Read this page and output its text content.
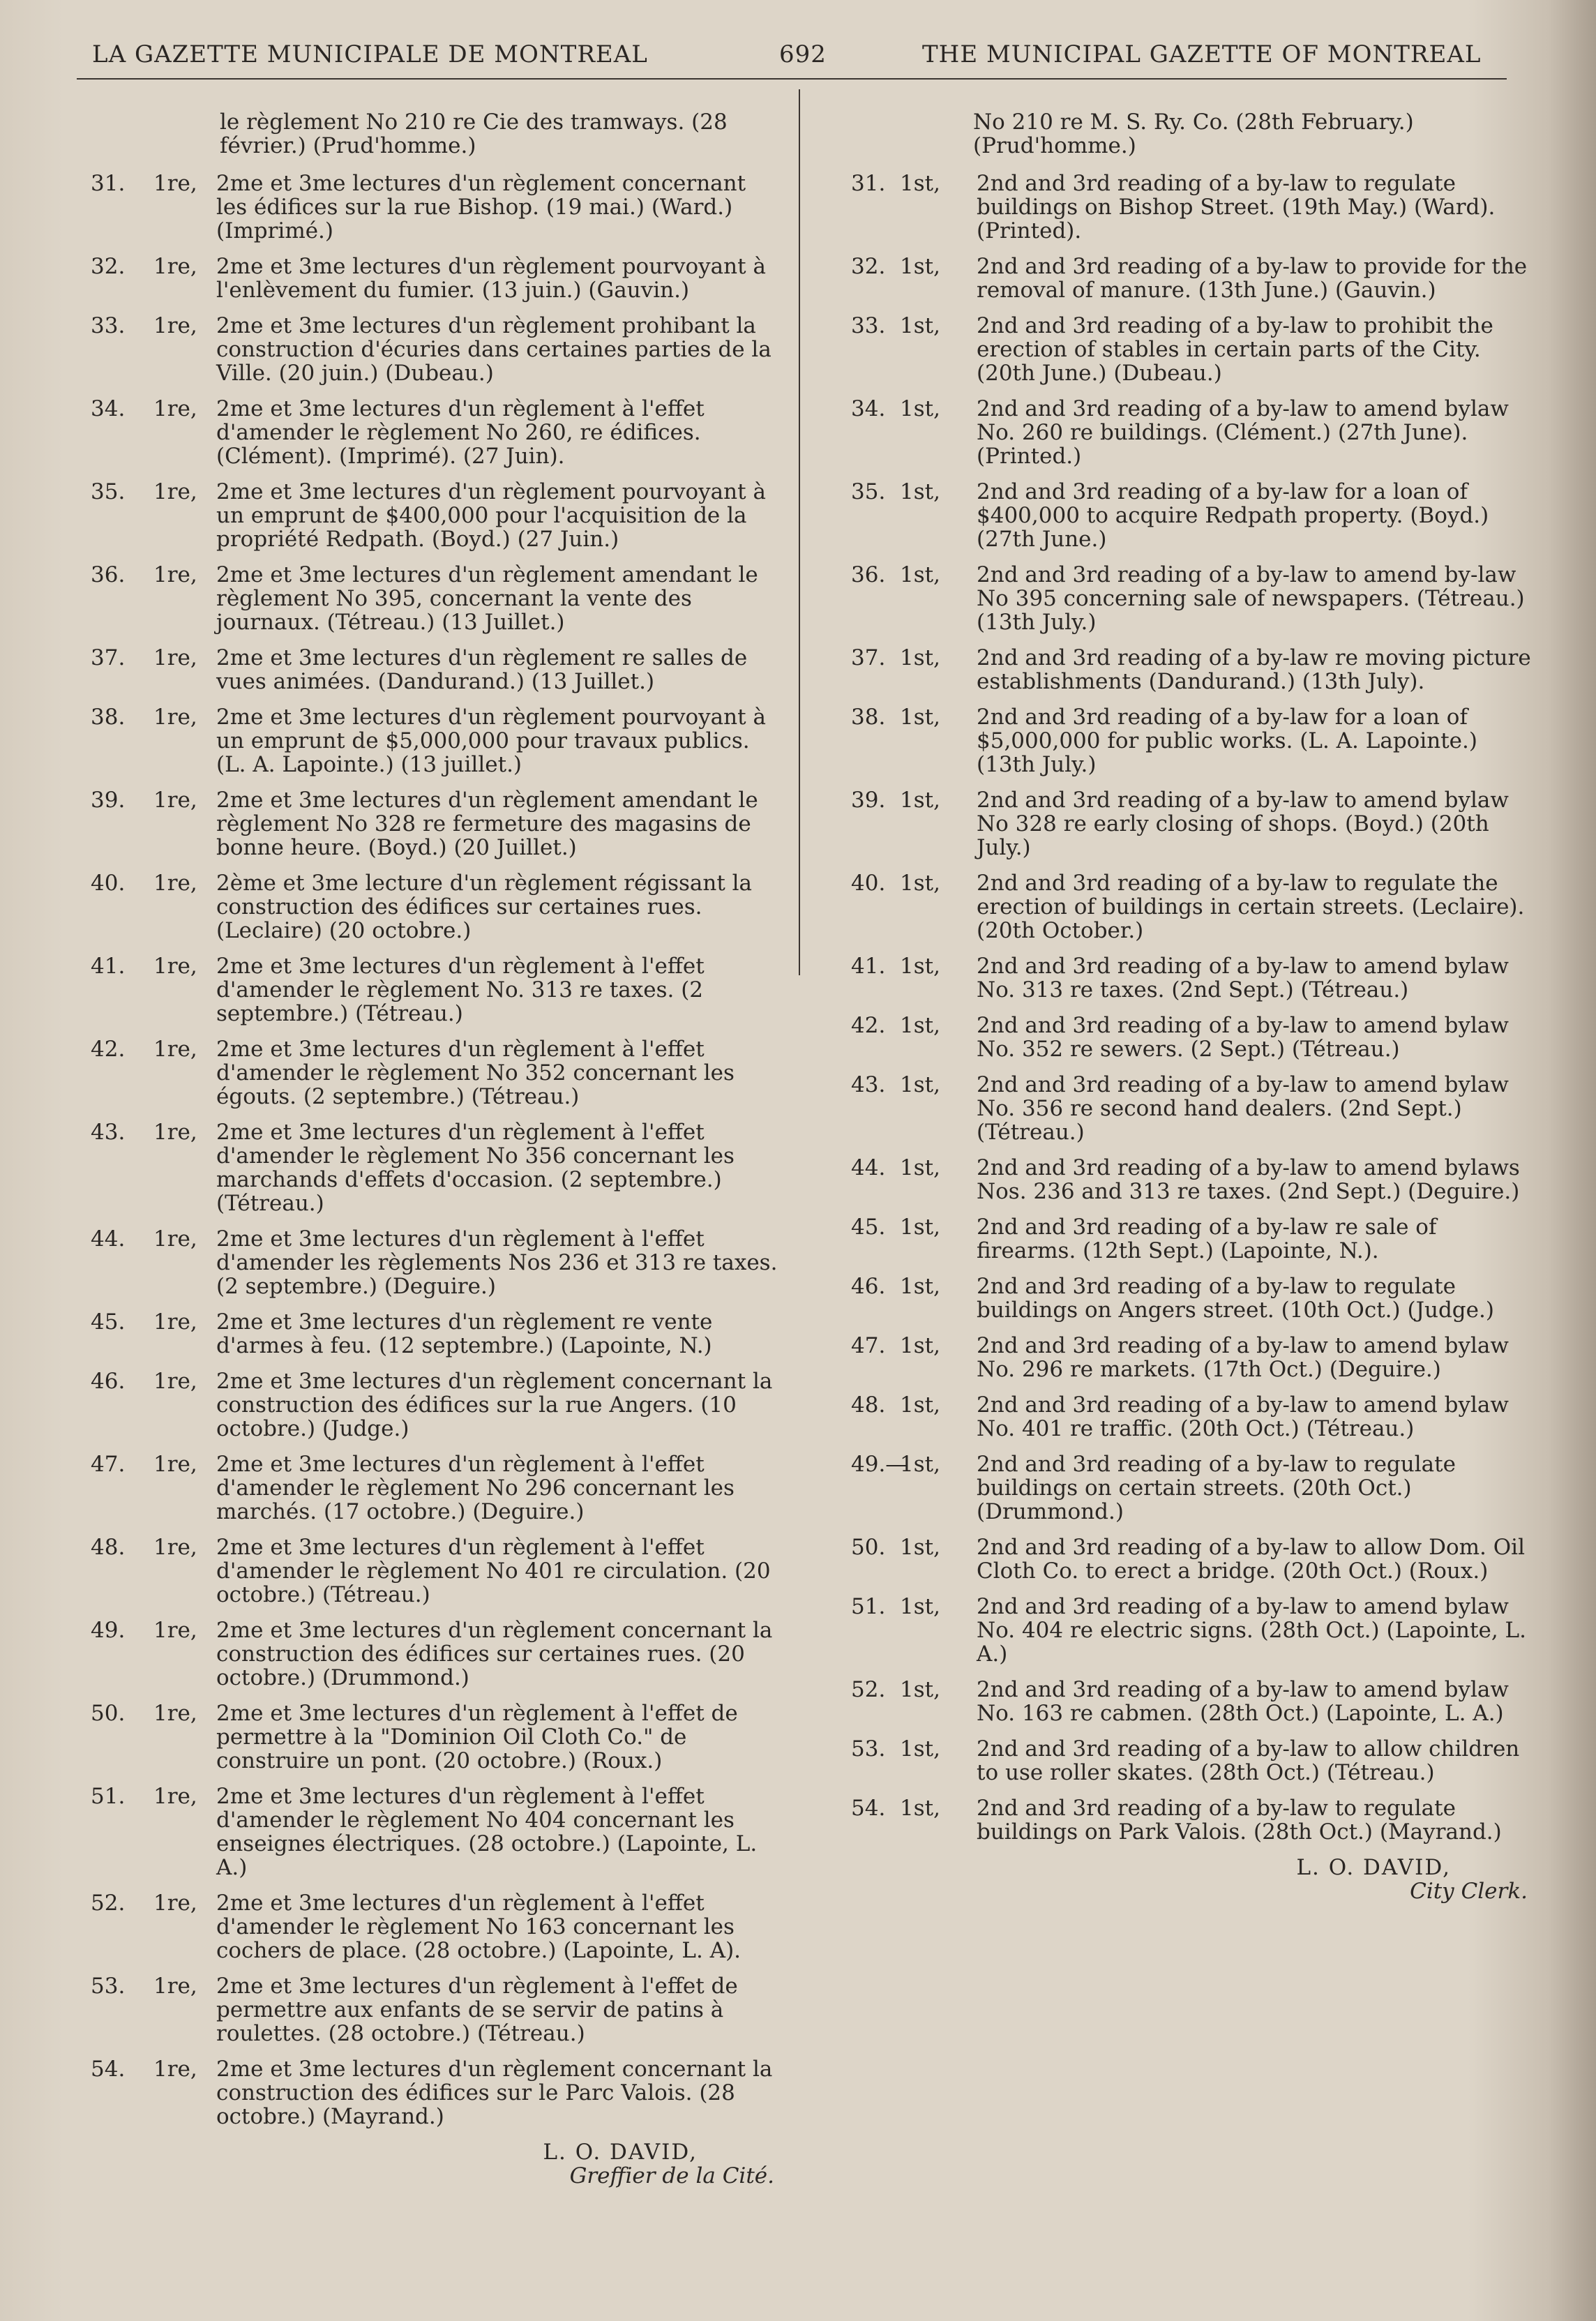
LA GAZETTE MUNICIPALE DE MONTREAL	692	THE MUNICIPAL GAZETTE OF MONTREAL
le règlement No 210 re Cie des tramways. (28 février.) (Prud'homme.)
31. 1re, 2me et 3me lectures d'un règlement concernant les édifices sur la rue Bishop. (19 mai.) (Ward.) (Imprimé.)
32. 1re, 2me et 3me lectures d'un règlement pourvoyant à l'enlèvement du fumier. (13 juin.) (Gauvin.)
33. 1re, 2me et 3me lectures d'un règlement prohibant la construction d'écuries dans certaines parties de la Ville. (20 juin.) (Dubeau.)
34. 1re, 2me et 3me lectures d'un règlement à l'effet d'amender le règlement No 260, re édifices. (Clément). (Imprimé). (27 Juin).
35. 1re, 2me et 3me lectures d'un règlement pourvoyant à un emprunt de $400,000 pour l'acquisition de la propriété Redpath. (Boyd.) (27 Juin.)
36. 1re, 2me et 3me lectures d'un règlement amendant le règlement No 395, concernant la vente des journaux. (Tétreau.) (13 Juillet.)
37. 1re, 2me et 3me lectures d'un règlement re salles de vues animées. (Dandurand.) (13 Juillet.)
38. 1re, 2me et 3me lectures d'un règlement pourvoyant à un emprunt de $5,000,000 pour travaux publics. (L. A. Lapointe.) (13 juillet.)
39. 1re, 2me et 3me lectures d'un règlement amendant le règlement No 328 re fermeture des magasins de bonne heure. (Boyd.) (20 Juillet.)
40. 1re, 2ème et 3me lecture d'un règlement régissant la construction des édifices sur certaines rues. (Leclaire) (20 octobre.)
41. 1re, 2me et 3me lectures d'un règlement à l'effet d'amender le règlement No. 313 re taxes. (2 septembre.) (Tétreau.)
42. 1re, 2me et 3me lectures d'un règlement à l'effet d'amender le règlement No 352 concernant les égouts. (2 septembre.) (Tétreau.)
43. 1re, 2me et 3me lectures d'un règlement à l'effet d'amender le règlement No 356 concernant les marchands d'effets d'occasion. (2 septembre.) (Tétreau.)
44. 1re, 2me et 3me lectures d'un règlement à l'effet d'amender les règlements Nos 236 et 313 re taxes. (2 septembre.) (Deguire.)
45. 1re, 2me et 3me lectures d'un règlement re vente d'armes à feu. (12 septembre.) (Lapointe, N.)
46. 1re, 2me et 3me lectures d'un règlement concernant la construction des édifices sur la rue Angers. (10 octobre.) (Judge.)
47. 1re, 2me et 3me lectures d'un règlement à l'effet d'amender le règlement No 296 concernant les marchés. (17 octobre.) (Deguire.)
48. 1re, 2me et 3me lectures d'un règlement à l'effet d'amender le règlement No 401 re circulation. (20 octobre.) (Tétreau.)
49. 1re, 2me et 3me lectures d'un règlement concernant la construction des édifices sur certaines rues. (20 octobre.) (Drummond.)
50. 1re, 2me et 3me lectures d'un règlement à l'effet de permettre à la "Dominion Oil Cloth Co." de construire un pont. (20 octobre.) (Roux.)
51. 1re, 2me et 3me lectures d'un règlement à l'effet d'amender le règlement No 404 concernant les enseignes électriques. (28 octobre.) (Lapointe, L. A.)
52. 1re, 2me et 3me lectures d'un règlement à l'effet d'amender le règlement No 163 concernant les cochers de place. (28 octobre.) (Lapointe, L. A).
53. 1re, 2me et 3me lectures d'un règlement à l'effet de permettre aux enfants de se servir de patins à roulettes. (28 octobre.) (Tétreau.)
54. 1re, 2me et 3me lectures d'un règlement concernant la construction des édifices sur le Parc Valois. (28 octobre.) (Mayrand.)
L. O. DAVID,
Greffier de la Cité.
No 210 re M. S. Ry. Co. (28th February.) (Prud'homme.)
31. 1st, 2nd and 3rd reading of a by-law to regulate buildings on Bishop Street. (19th May.) (Ward). (Printed).
32. 1st, 2nd and 3rd reading of a by-law to provide for the removal of manure. (13th June.) (Gauvin.)
33. 1st, 2nd and 3rd reading of a by-law to prohibit the erection of stables in certain parts of the City. (20th June.) (Dubeau.)
34. 1st, 2nd and 3rd reading of a by-law to amend bylaw No. 260 re buildings. (Clément.) (27th June). (Printed.)
35. 1st, 2nd and 3rd reading of a by-law for a loan of $400,000 to acquire Redpath property. (Boyd.) (27th June.)
36. 1st, 2nd and 3rd reading of a by-law to amend by-law No 395 concerning sale of newspapers. (Tétreau.) (13th July.)
37. 1st, 2nd and 3rd reading of a by-law re moving picture establishments (Dandurand.) (13th July).
38. 1st, 2nd and 3rd reading of a by-law for a loan of $5,000,000 for public works. (L. A. Lapointe.) (13th July.)
39. 1st, 2nd and 3rd reading of a by-law to amend bylaw No 328 re early closing of shops. (Boyd.) (20th July.)
40. 1st, 2nd and 3rd reading of a by-law to regulate the erection of buildings in certain streets. (Leclaire). (20th October.)
41. 1st, 2nd and 3rd reading of a by-law to amend bylaw No. 313 re taxes. (2nd Sept.) (Tétreau.)
42. 1st, 2nd and 3rd reading of a by-law to amend bylaw No. 352 re sewers. (2 Sept.) (Tétreau.)
43. 1st, 2nd and 3rd reading of a by-law to amend bylaw No. 356 re second hand dealers. (2nd Sept.) (Tétreau.)
44. 1st, 2nd and 3rd reading of a by-law to amend bylaws Nos. 236 and 313 re taxes. (2nd Sept.) (Deguire.)
45. 1st, 2nd and 3rd reading of a by-law re sale of firearms. (12th Sept.) (Lapointe, N.).
46. 1st, 2nd and 3rd reading of a by-law to regulate buildings on Angers street. (10th Oct.) (Judge.)
47. 1st, 2nd and 3rd reading of a by-law to amend bylaw No. 296 re markets. (17th Oct.) (Deguire.)
48. 1st, 2nd and 3rd reading of a by-law to amend bylaw No. 401 re traffic. (20th Oct.) (Tétreau.)
49.—
1st, 2nd and 3rd reading of a by-law to regulate buildings on certain streets. (20th Oct.) (Drummond.)
50. 1st, 2nd and 3rd reading of a by-law to allow Dom. Oil Cloth Co. to erect a bridge. (20th Oct.) (Roux.)
51. 1st, 2nd and 3rd reading of a by-law to amend bylaw No. 404 re electric signs. (28th Oct.) (Lapointe, L. A.)
52. 1st, 2nd and 3rd reading of a by-law to amend bylaw No. 163 re cabmen. (28th Oct.) (Lapointe, L. A.)
53. 1st, 2nd and 3rd reading of a by-law to allow children to use roller skates. (28th Oct.) (Tétreau.)
54. 1st, 2nd and 3rd reading of a by-law to regulate buildings on Park Valois. (28th Oct.) (Mayrand.)
L. O. DAVID,
City Clerk.
